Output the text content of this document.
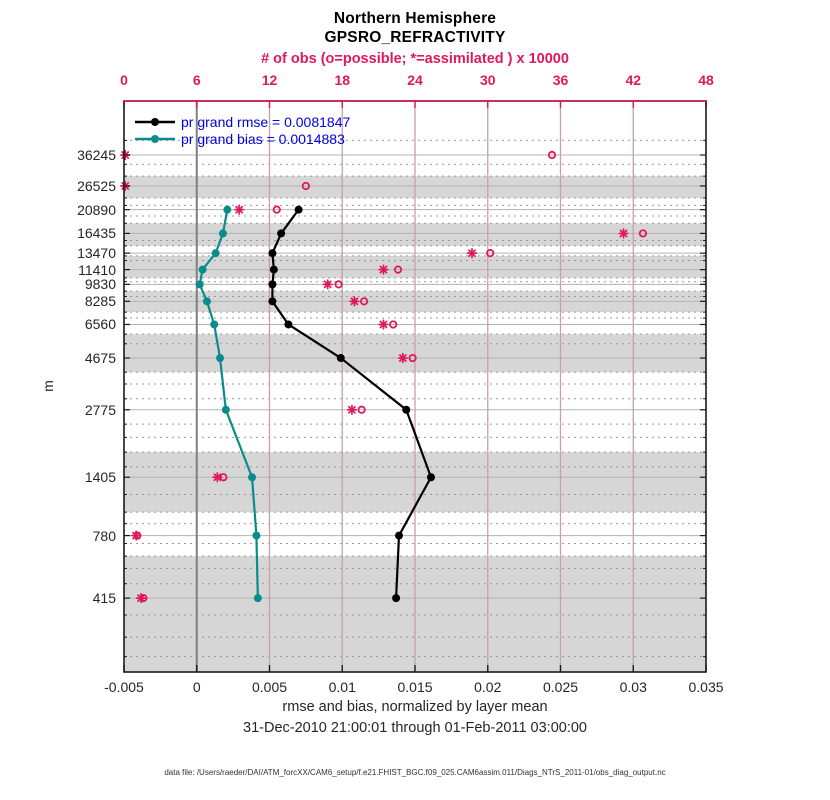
Northern Hemisphere
GPSRO_REFRACTIVITY
# of obs (o=possible; *=assimilated ) x 10000
pr grand rmse = 0.0081847
pr grand bias = 0.0014883
m
rmse and bias, normalized by layer mean
31-Dec-2010 21:00:01 through 01-Feb-2011 03:00:00
data file: /Users/raeder/DAI/ATM_forcXX/CAM6_setup/f.e21.FHIST_BGC.f09_025.CAM6assim.011/Diags_NTrS_2011-01/obs_diag_output.nc
0	6	12	18	24	30	36	42	48
-0.005	0	0.005	0.01	0.015	0.02	0.025	0.03	0.035
36245
26525
20890
16435
13470
11410
9830
8285
6560
4675
2775
1405
780
415
